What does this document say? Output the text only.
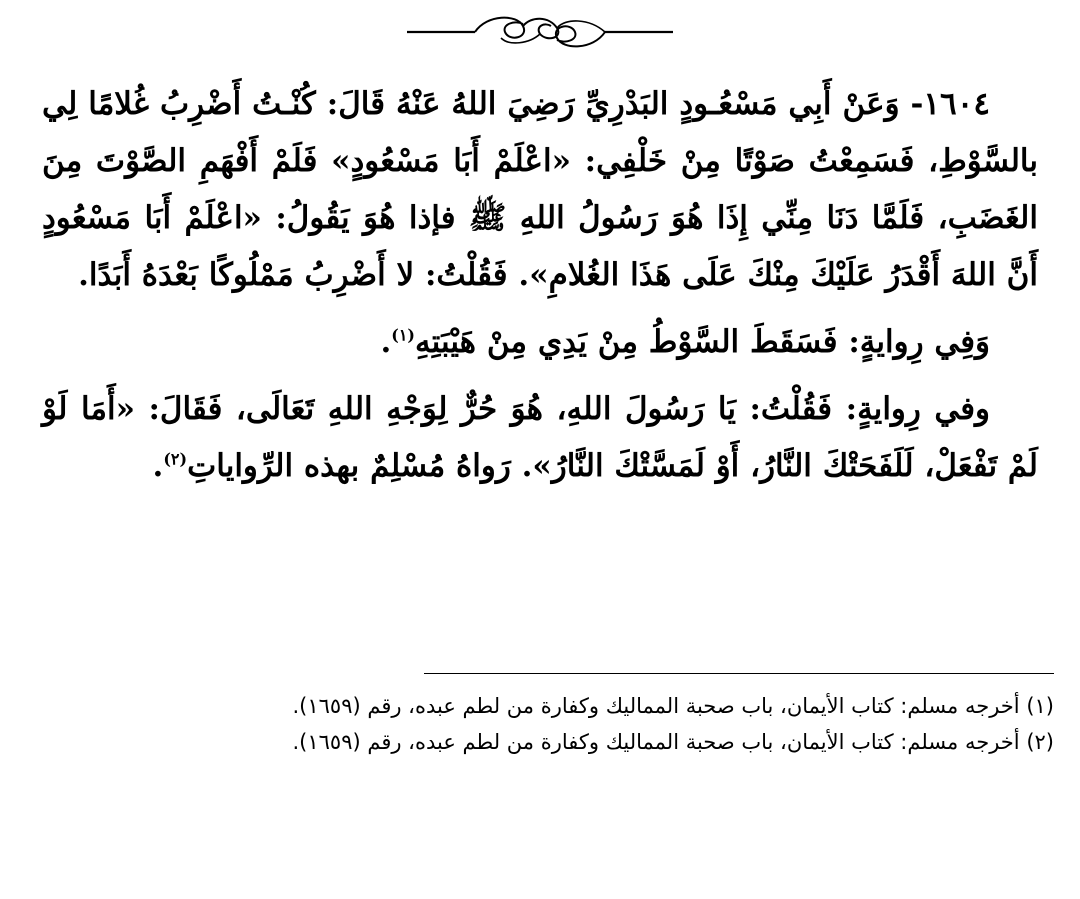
١٦٠٤- وَعَنْ أَبِي مَسْعُـودٍ البَدْرِيِّ رَضِيَ اللهُ عَنْهُ قَالَ: كُنْـتُ أَضْرِبُ غُلامًا لِي بالسَّوْطِ، فَسَمِعْتُ صَوْتًا مِنْ خَلْفِي: «اعْلَمْ أَبَا مَسْعُودٍ» فَلَمْ أَفْهَمِ الصَّوْتَ مِنَ الغَضَبِ، فَلَمَّا دَنَا مِنِّي إِذَا هُوَ رَسُولُ اللهِ ﷺ فإذا هُوَ يَقُولُ: «اعْلَمْ أَبَا مَسْعُودٍ أَنَّ اللهَ أَقْدَرُ عَلَيْكَ مِنْكَ عَلَى هَذَا الغُلامِ». فَقُلْتُ: لا أَضْرِبُ مَمْلُوكًا بَعْدَهُ أَبَدًا.

وَفِي رِوايةٍ: فَسَقَطَ السَّوْطُ مِنْ يَدِي مِنْ هَيْبَتِهِ$^{(١)}$.

وفي رِوايةٍ: فَقُلْتُ: يَا رَسُولَ اللهِ، هُوَ حُرٌّ لِوَجْهِ اللهِ تَعَالَى، فَقَالَ: «أَمَا لَوْ لَمْ تَفْعَلْ، لَلَفَحَتْكَ النَّارُ، أَوْ لَمَسَّتْكَ النَّارُ». رَواهُ مُسْلِمٌ بهذه الرِّواياتِ$^{(٢)}$.

(١) أخرجه مسلم: كتاب الأيمان، باب صحبة المماليك وكفارة من لطم عبده، رقم (١٦٥٩).

(٢) أخرجه مسلم: كتاب الأيمان، باب صحبة المماليك وكفارة من لطم عبده، رقم (١٦٥٩).
